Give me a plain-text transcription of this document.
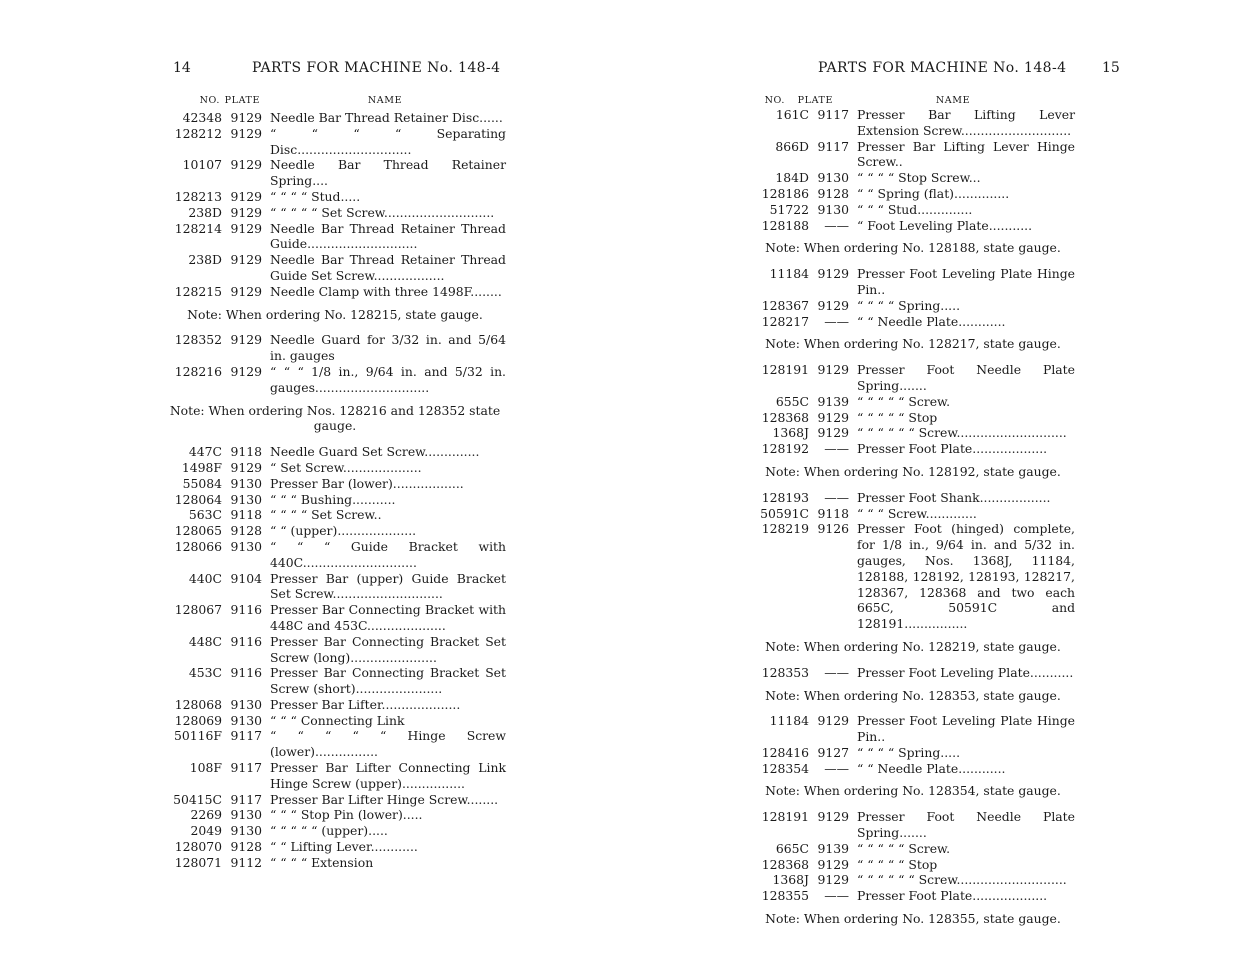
14	PARTS FOR MACHINE No. 148-4
NO. PLATE	NAME
42348 9129 Needle Bar Thread Retainer Disc......
128212 9129 “ “ “ “ Separating Disc.............................
10107 9129 Needle Bar Thread Retainer Spring....
128213 9129 “ “ “ “ Stud.....
238D 9129 “ “ “ “ “ Set Screw............................
128214 9129 Needle Bar Thread Retainer Thread Guide............................
238D 9129 Needle Bar Thread Retainer Thread Guide Set Screw..................
128215 9129 Needle Clamp with three 1498F........
Note: When ordering No. 128215, state gauge.
128352 9129 Needle Guard for 3/32 in. and 5/64 in. gauges
128216 9129 “ “ “ 1/8 in., 9/64 in. and 5/32 in. gauges.............................
Note: When ordering Nos. 128216 and 128352 state gauge.
447C 9118 Needle Guard Set Screw..............
1498F 9129 “ Set Screw....................
55084 9130 Presser Bar (lower)..................
128064 9130 “ “ “ Bushing...........
563C 9118 “ “ “ “ Set Screw..
128065 9128 “ “ (upper)....................
128066 9130 “ “ “ Guide Bracket with 440C.............................
440C 9104 Presser Bar (upper) Guide Bracket Set Screw............................
128067 9116 Presser Bar Connecting Bracket with 448C and 453C....................
448C 9116 Presser Bar Connecting Bracket Set Screw (long)......................
453C 9116 Presser Bar Connecting Bracket Set Screw (short)......................
128068 9130 Presser Bar Lifter....................
128069 9130 “ “ “ Connecting Link
50116F 9117 “ “ “ “ “ Hinge Screw (lower)................
108F 9117 Presser Bar Lifter Connecting Link Hinge Screw (upper)................
50415C 9117 Presser Bar Lifter Hinge Screw........
2269 9130 “ “ “ Stop Pin (lower).....
2049 9130 “ “ “ “ “ (upper).....
128070 9128 “ “ Lifting Lever............
128071 9112 “ “ “ “ Extension
PARTS FOR MACHINE No. 148-4	15
NO. PLATE	NAME
161C 9117 Presser Bar Lifting Lever Extension Screw............................
866D 9117 Presser Bar Lifting Lever Hinge Screw..
184D 9130 “ “ “ “ Stop Screw...
128186 9128 “ “ Spring (flat)..............
51722 9130 “ “ “ Stud..............
128188	—— “ Foot Leveling Plate...........
Note: When ordering No. 128188, state gauge.
11184 9129 Presser Foot Leveling Plate Hinge Pin..
128367 9129 “ “ “ “ Spring.....
128217	—— “ “ Needle Plate............
Note: When ordering No. 128217, state gauge.
128191 9129 Presser Foot Needle Plate Spring.......
655C 9139 “ “ “ “ “ Screw.
128368 9129 “ “ “ “ “ Stop
1368J 9129 “ “ “ “ “ “ Screw............................
128192	—— Presser Foot Plate...................
Note: When ordering No. 128192, state gauge.
128193	—— Presser Foot Shank..................
50591C 9118 “ “ “ Screw.............
128219 9126 Presser Foot (hinged) complete, for 1/8 in., 9/64 in. and 5/32 in. gauges, Nos. 1368J, 11184, 128188, 128192, 128193, 128217, 128367, 128368 and two each 665C, 50591C and 128191................
Note: When ordering No. 128219, state gauge.
128353	—— Presser Foot Leveling Plate...........
Note: When ordering No. 128353, state gauge.
11184 9129 Presser Foot Leveling Plate Hinge Pin..
128416 9127 “ “ “ “ Spring.....
128354	—— “ “ Needle Plate............
Note: When ordering No. 128354, state gauge.
128191 9129 Presser Foot Needle Plate Spring.......
665C 9139 “ “ “ “ “ Screw.
128368 9129 “ “ “ “ “ Stop
1368J 9129 “ “ “ “ “ “ Screw............................
128355	—— Presser Foot Plate...................
Note: When ordering No. 128355, state gauge.
